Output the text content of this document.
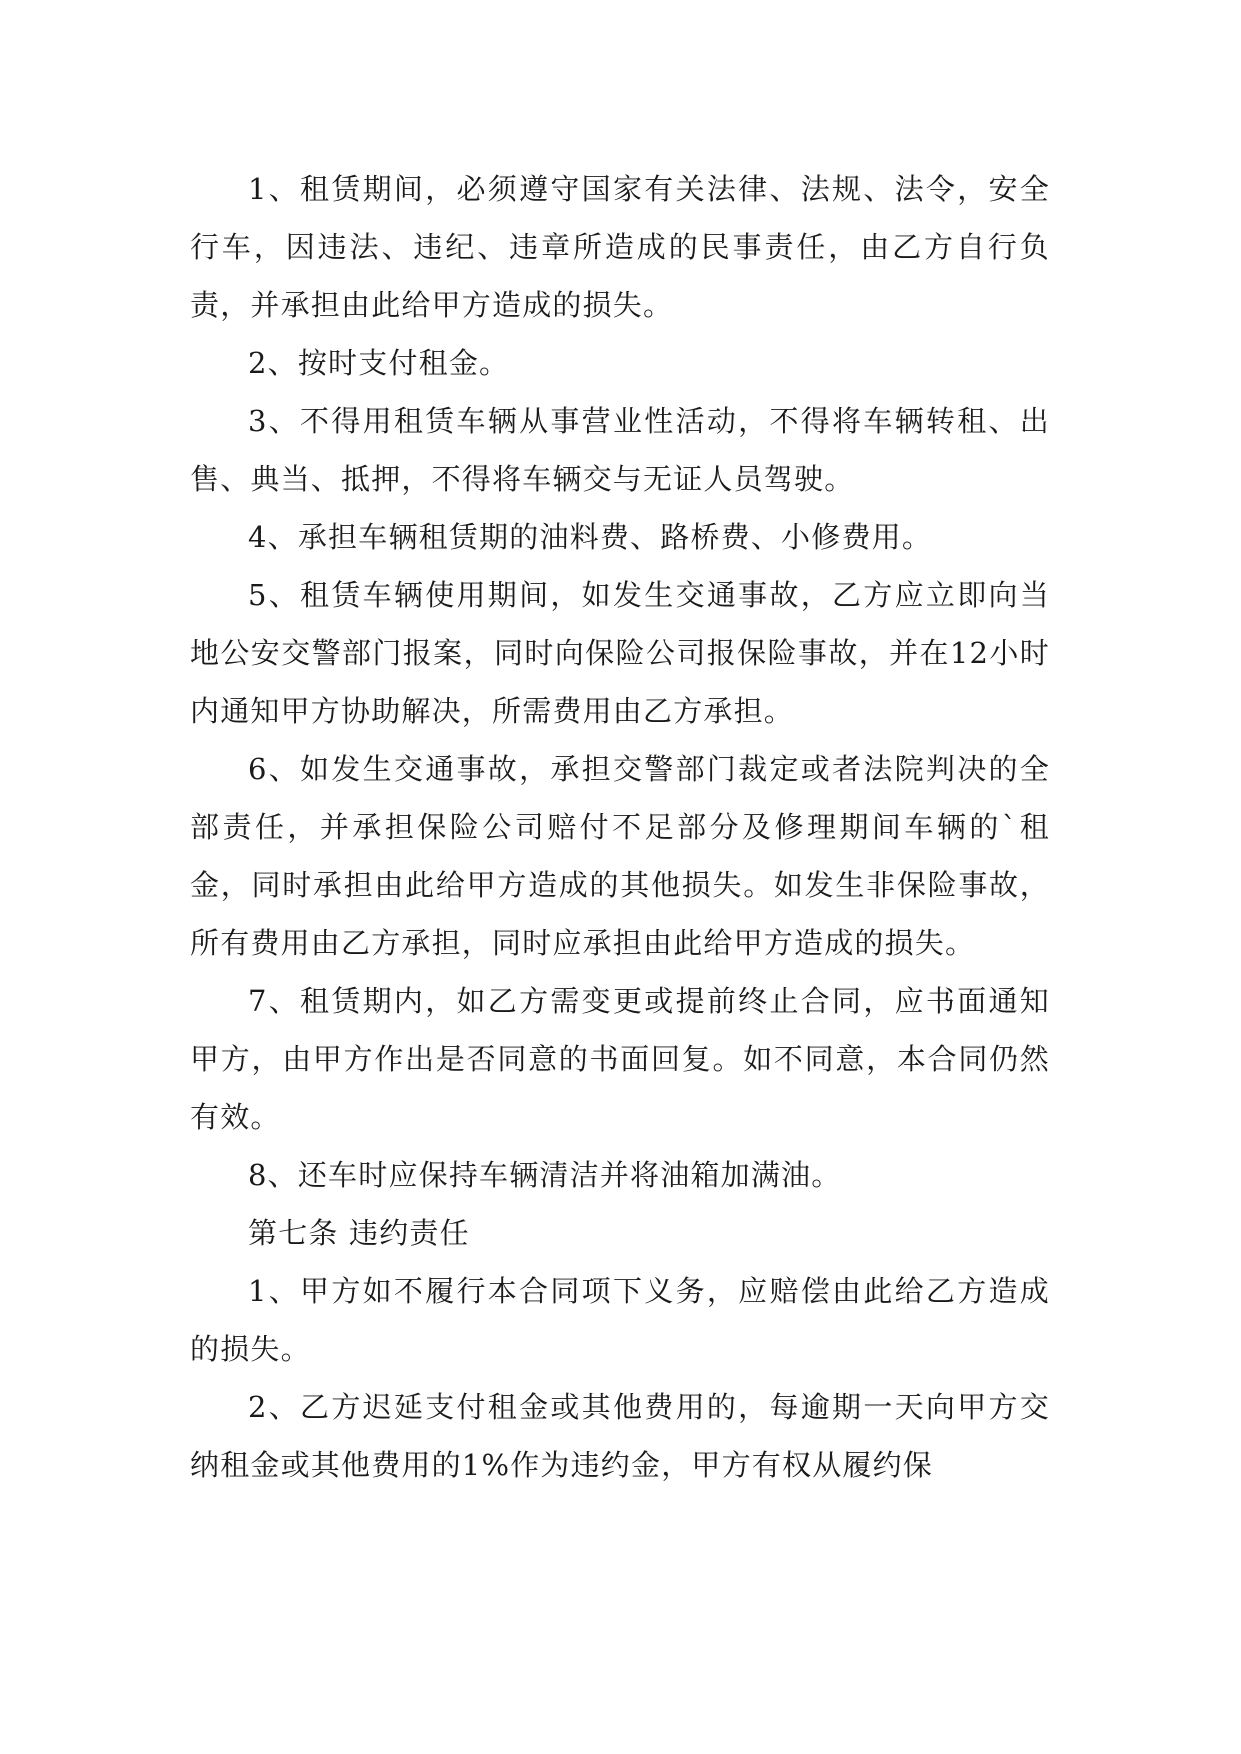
1、租赁期间，必须遵守国家有关法律、法规、法令，安全行车，因违法、违纪、违章所造成的民事责任，由乙方自行负责，并承担由此给甲方造成的损失。

2、按时支付租金。

3、不得用租赁车辆从事营业性活动，不得将车辆转租、出售、典当、抵押，不得将车辆交与无证人员驾驶。

4、承担车辆租赁期的油料费、路桥费、小修费用。

5、租赁车辆使用期间，如发生交通事故，乙方应立即向当地公安交警部门报案，同时向保险公司报保险事故，并在12小时内通知甲方协助解决，所需费用由乙方承担。

6、如发生交通事故，承担交警部门裁定或者法院判决的全部责任，并承担保险公司赔付不足部分及修理期间车辆的`租金，同时承担由此给甲方造成的其他损失。如发生非保险事故，所有费用由乙方承担，同时应承担由此给甲方造成的损失。

7、租赁期内，如乙方需变更或提前终止合同，应书面通知甲方，由甲方作出是否同意的书面回复。如不同意，本合同仍然有效。

8、还车时应保持车辆清洁并将油箱加满油。

第七条 违约责任

1、甲方如不履行本合同项下义务，应赔偿由此给乙方造成的损失。

2、乙方迟延支付租金或其他费用的，每逾期一天向甲方交纳租金或其他费用的1%作为违约金，甲方有权从履约保
